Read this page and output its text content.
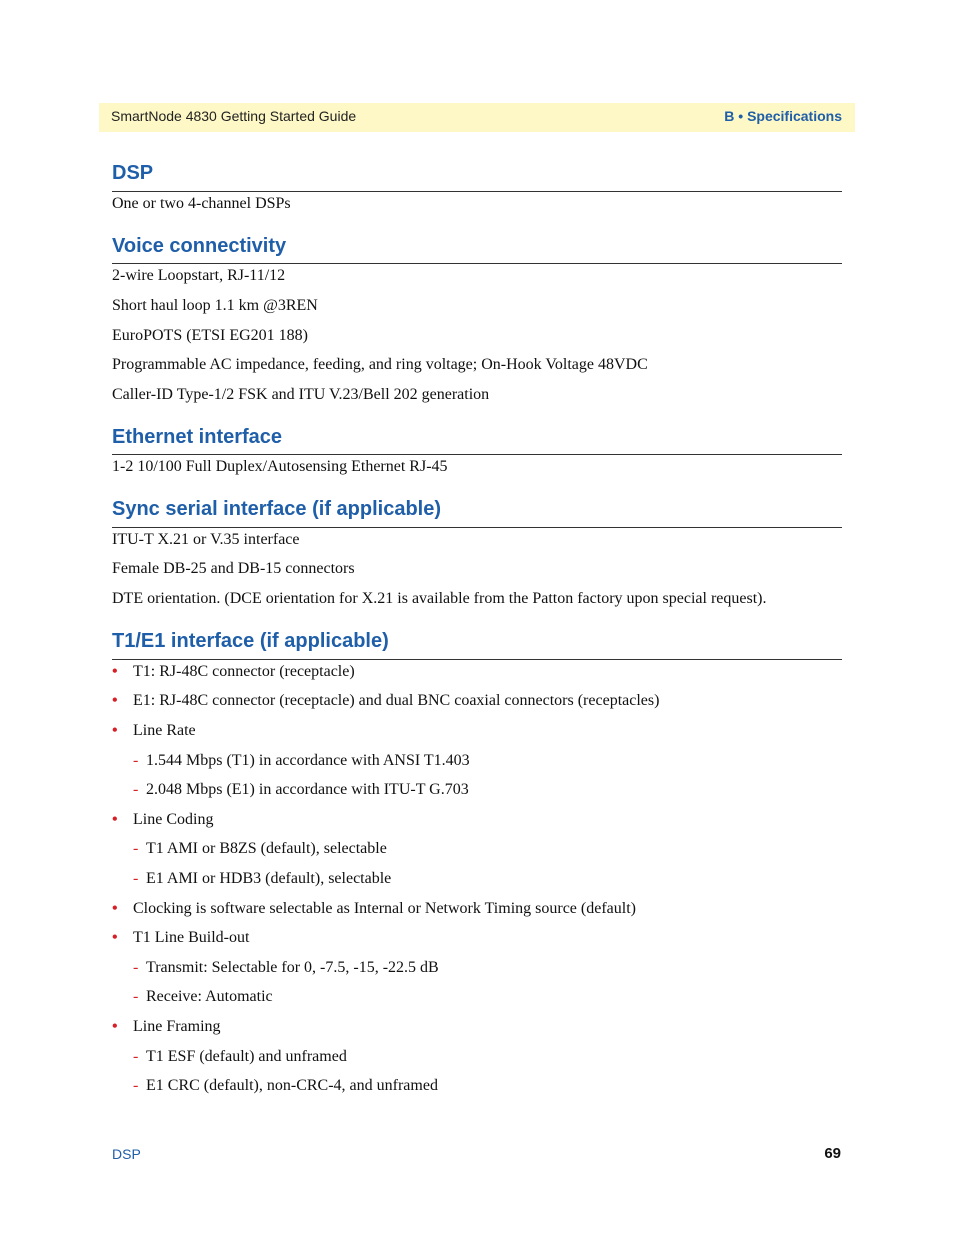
SmartNode 4830 Getting Started Guide	B • Specifications
DSP

One or two 4-channel DSPs

Voice connectivity

2-wire Loopstart, RJ-11/12

Short haul loop 1.1 km @3REN

EuroPOTS (ETSI EG201 188)

Programmable AC impedance, feeding, and ring voltage; On-Hook Voltage 48VDC

Caller-ID Type-1/2 FSK and ITU V.23/Bell 202 generation

Ethernet interface

1-2 10/100 Full Duplex/Autosensing Ethernet RJ-45

Sync serial interface (if applicable)

ITU-T X.21 or V.35 interface

Female DB-25 and DB-15 connectors

DTE orientation. (DCE orientation for X.21 is available from the Patton factory upon special request).

T1/E1 interface (if applicable)
• T1: RJ-48C connector (receptacle)
• E1: RJ-48C connector (receptacle) and dual BNC coaxial connectors (receptacles)
• Line Rate
- 1.544 Mbps (T1) in accordance with ANSI T1.403
- 2.048 Mbps (E1) in accordance with ITU-T G.703
• Line Coding
- T1 AMI or B8ZS (default), selectable
- E1 AMI or HDB3 (default), selectable
• Clocking is software selectable as Internal or Network Timing source (default)
• T1 Line Build-out
- Transmit: Selectable for 0, -7.5, -15, -22.5 dB
- Receive: Automatic
• Line Framing
- T1 ESF (default) and unframed
- E1 CRC (default), non-CRC-4, and unframed
DSP	69
